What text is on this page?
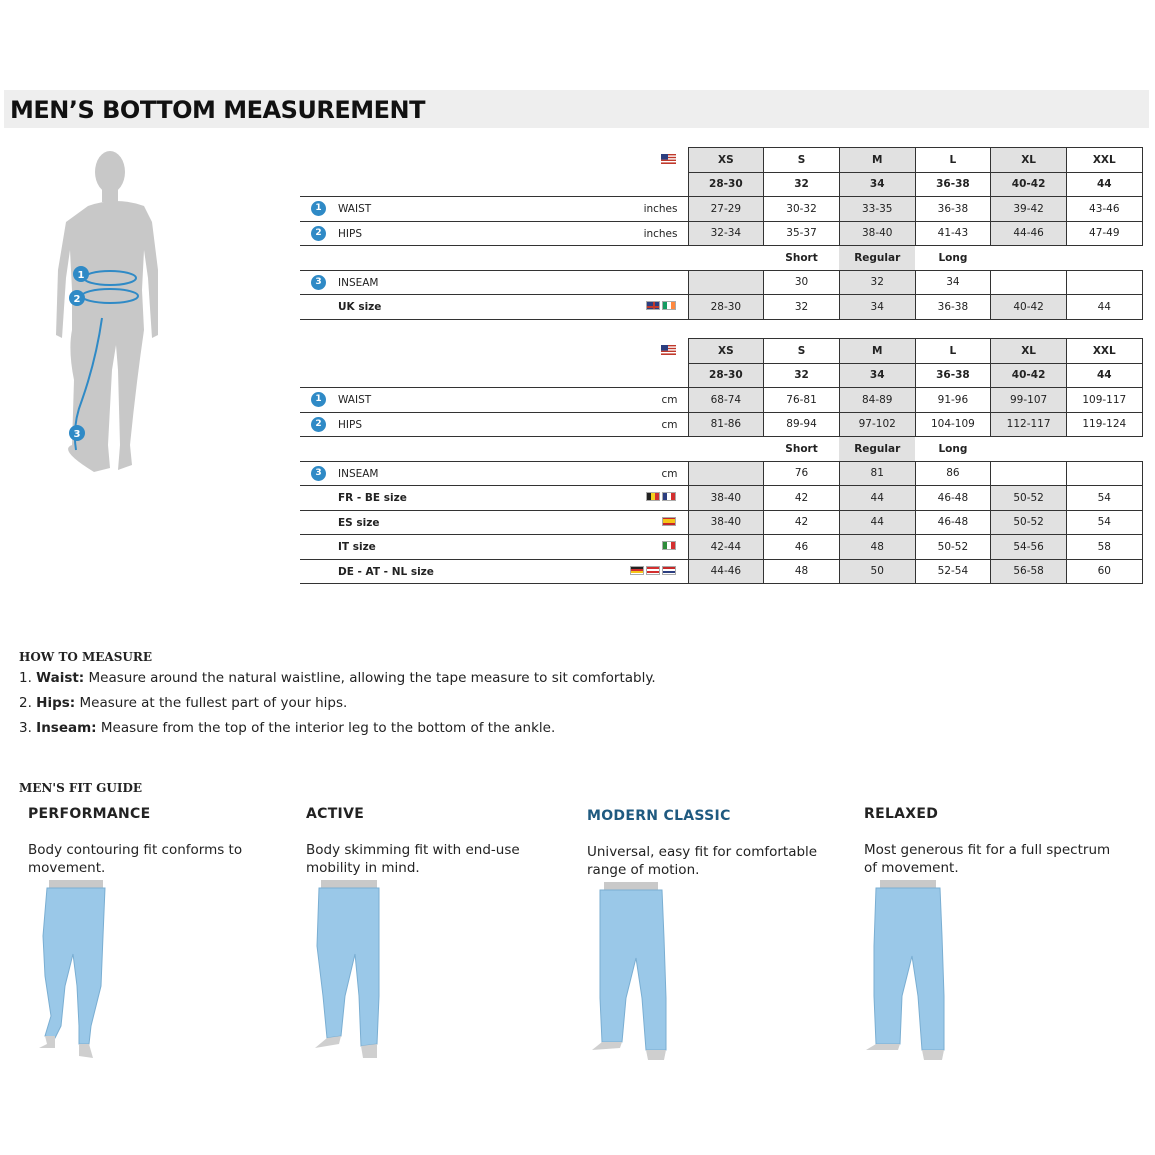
MEN’S BOTTOM MEASUREMENT
1
2
3
	XS	S	M	L	XL	XXL
	28-30	32	34	36-38	40-42	44

1 WAIST inches	27-29	30-32	33-35	36-38	39-42	43-46

2 HIPS inches	32-34	35-37	38-40	41-43	44-46	47-49
		Short	Regular	Long		

3 INSEAM		30	32	34		

UK size	28-30	32	34	36-38	40-42	44
	XS	S	M	L	XL	XXL
	28-30	32	34	36-38	40-42	44

1 WAIST cm	68-74	76-81	84-89	91-96	99-107	109-117

2 HIPS cm	81-86	89-94	97-102	104-109	112-117	119-124
		Short	Regular	Long		

3 INSEAM cm		76	81	86		

FR - BE size	38-40	42	44	46-48	50-52	54

ES size	38-40	42	44	46-48	50-52	54

IT size	42-44	46	48	50-52	54-56	58

DE - AT - NL size	44-46	48	50	52-54	56-58	60
HOW TO MEASURE
1. Waist: Measure around the natural waistline, allowing the tape measure to sit comfortably.
2. Hips: Measure at the fullest part of your hips.
3. Inseam: Measure from the top of the interior leg to the bottom of the ankle.
MEN'S FIT GUIDE
PERFORMANCE
Body contouring fit conforms to movement.
ACTIVE
Body skimming fit with end-use mobility in mind.
MODERN CLASSIC
Universal, easy fit for comfortable range of motion.
RELAXED
Most generous fit for a full spectrum of movement.
